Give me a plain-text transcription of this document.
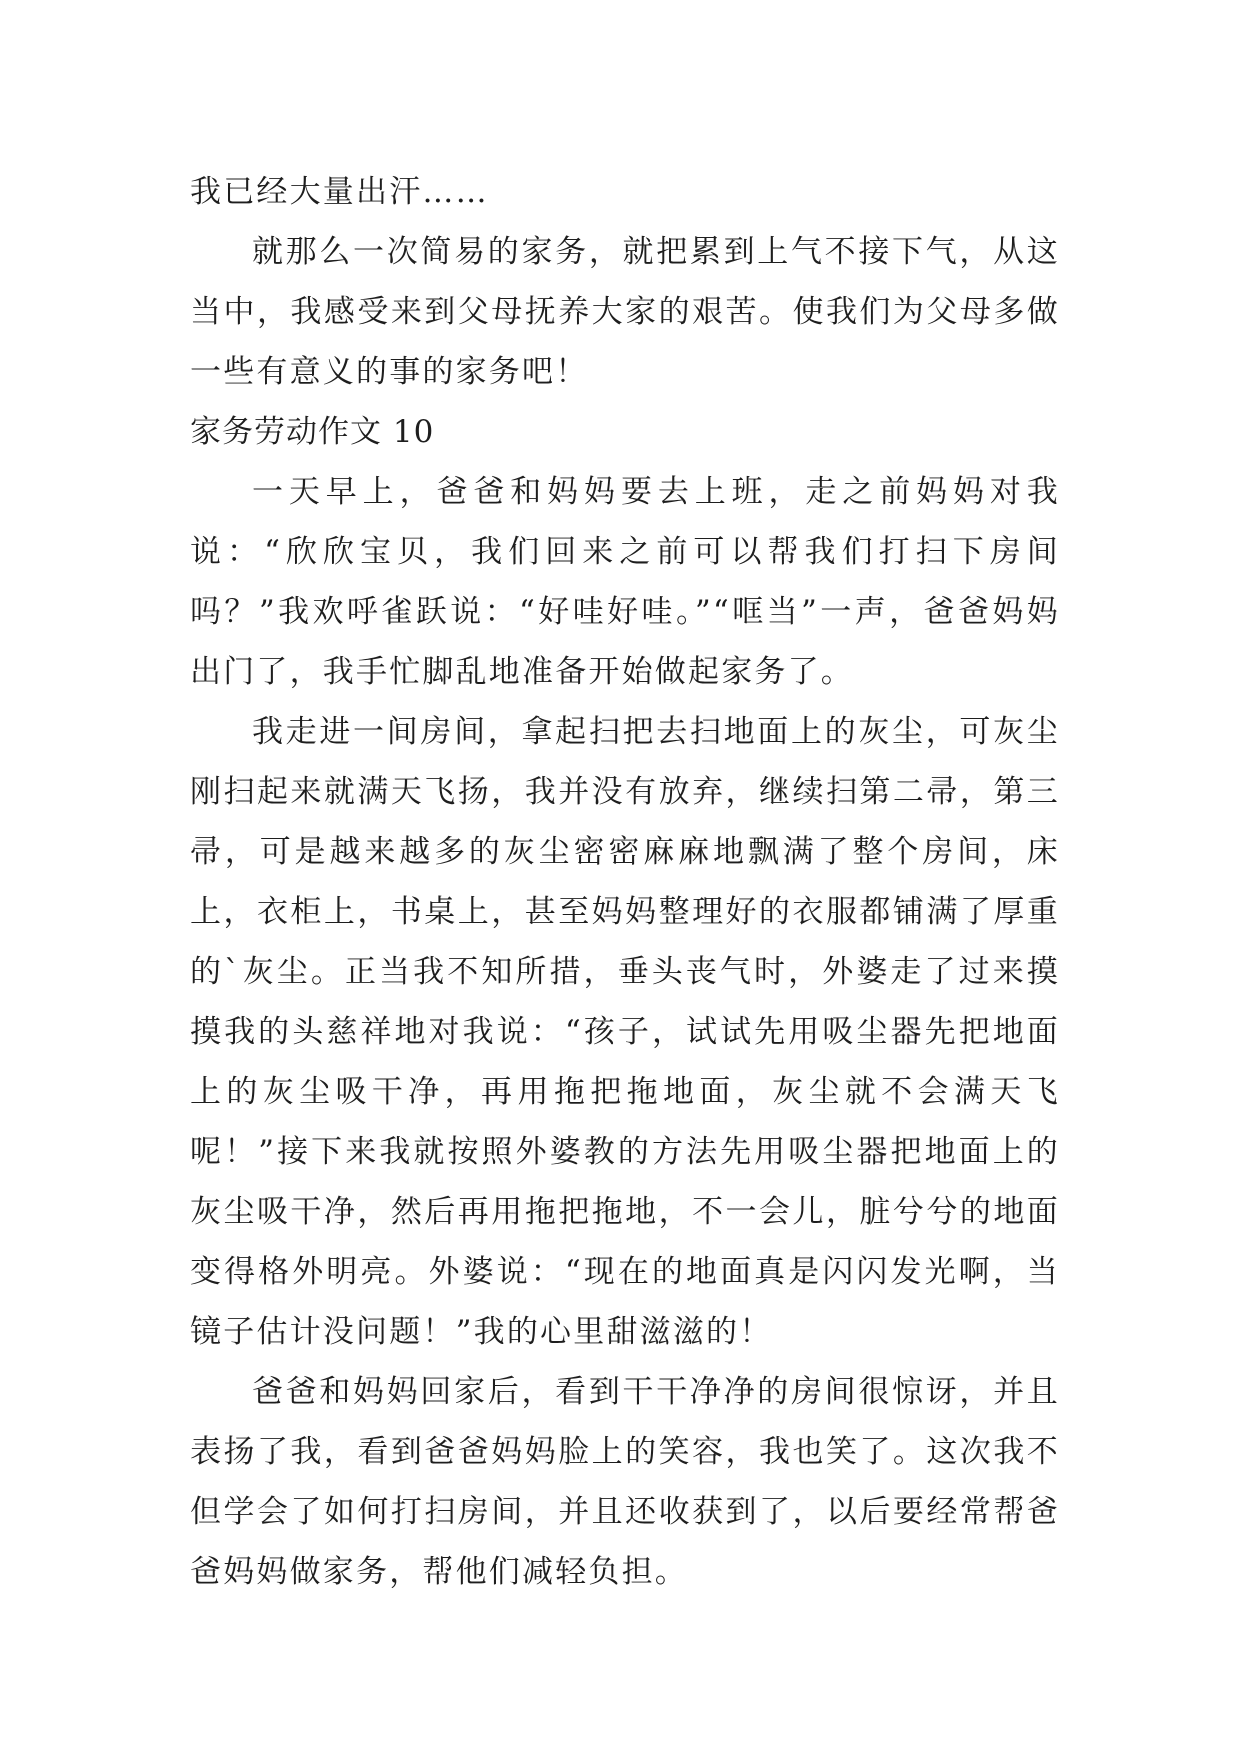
我已经大量出汗……

就那么一次简易的家务，就把累到上气不接下气，从这当中，我感受来到父母抚养大家的艰苦。使我们为父母多做一些有意义的事的家务吧！

家务劳动作文 10

一天早上，爸爸和妈妈要去上班，走之前妈妈对我说：“欣欣宝贝，我们回来之前可以帮我们打扫下房间吗？”我欢呼雀跃说：“好哇好哇。”“哐当”一声，爸爸妈妈出门了，我手忙脚乱地准备开始做起家务了。

我走进一间房间，拿起扫把去扫地面上的灰尘，可灰尘刚扫起来就满天飞扬，我并没有放弃，继续扫第二帚，第三帚，可是越来越多的灰尘密密麻麻地飘满了整个房间，床上，衣柜上，书桌上，甚至妈妈整理好的衣服都铺满了厚重的`灰尘。正当我不知所措，垂头丧气时，外婆走了过来摸摸我的头慈祥地对我说：“孩子，试试先用吸尘器先把地面上的灰尘吸干净，再用拖把拖地面，灰尘就不会满天飞呢！”接下来我就按照外婆教的方法先用吸尘器把地面上的灰尘吸干净，然后再用拖把拖地，不一会儿，脏兮兮的地面变得格外明亮。外婆说：“现在的地面真是闪闪发光啊，当镜子估计没问题！”我的心里甜滋滋的！

爸爸和妈妈回家后，看到干干净净的房间很惊讶，并且表扬了我，看到爸爸妈妈脸上的笑容，我也笑了。这次我不但学会了如何打扫房间，并且还收获到了，以后要经常帮爸爸妈妈做家务，帮他们减轻负担。
